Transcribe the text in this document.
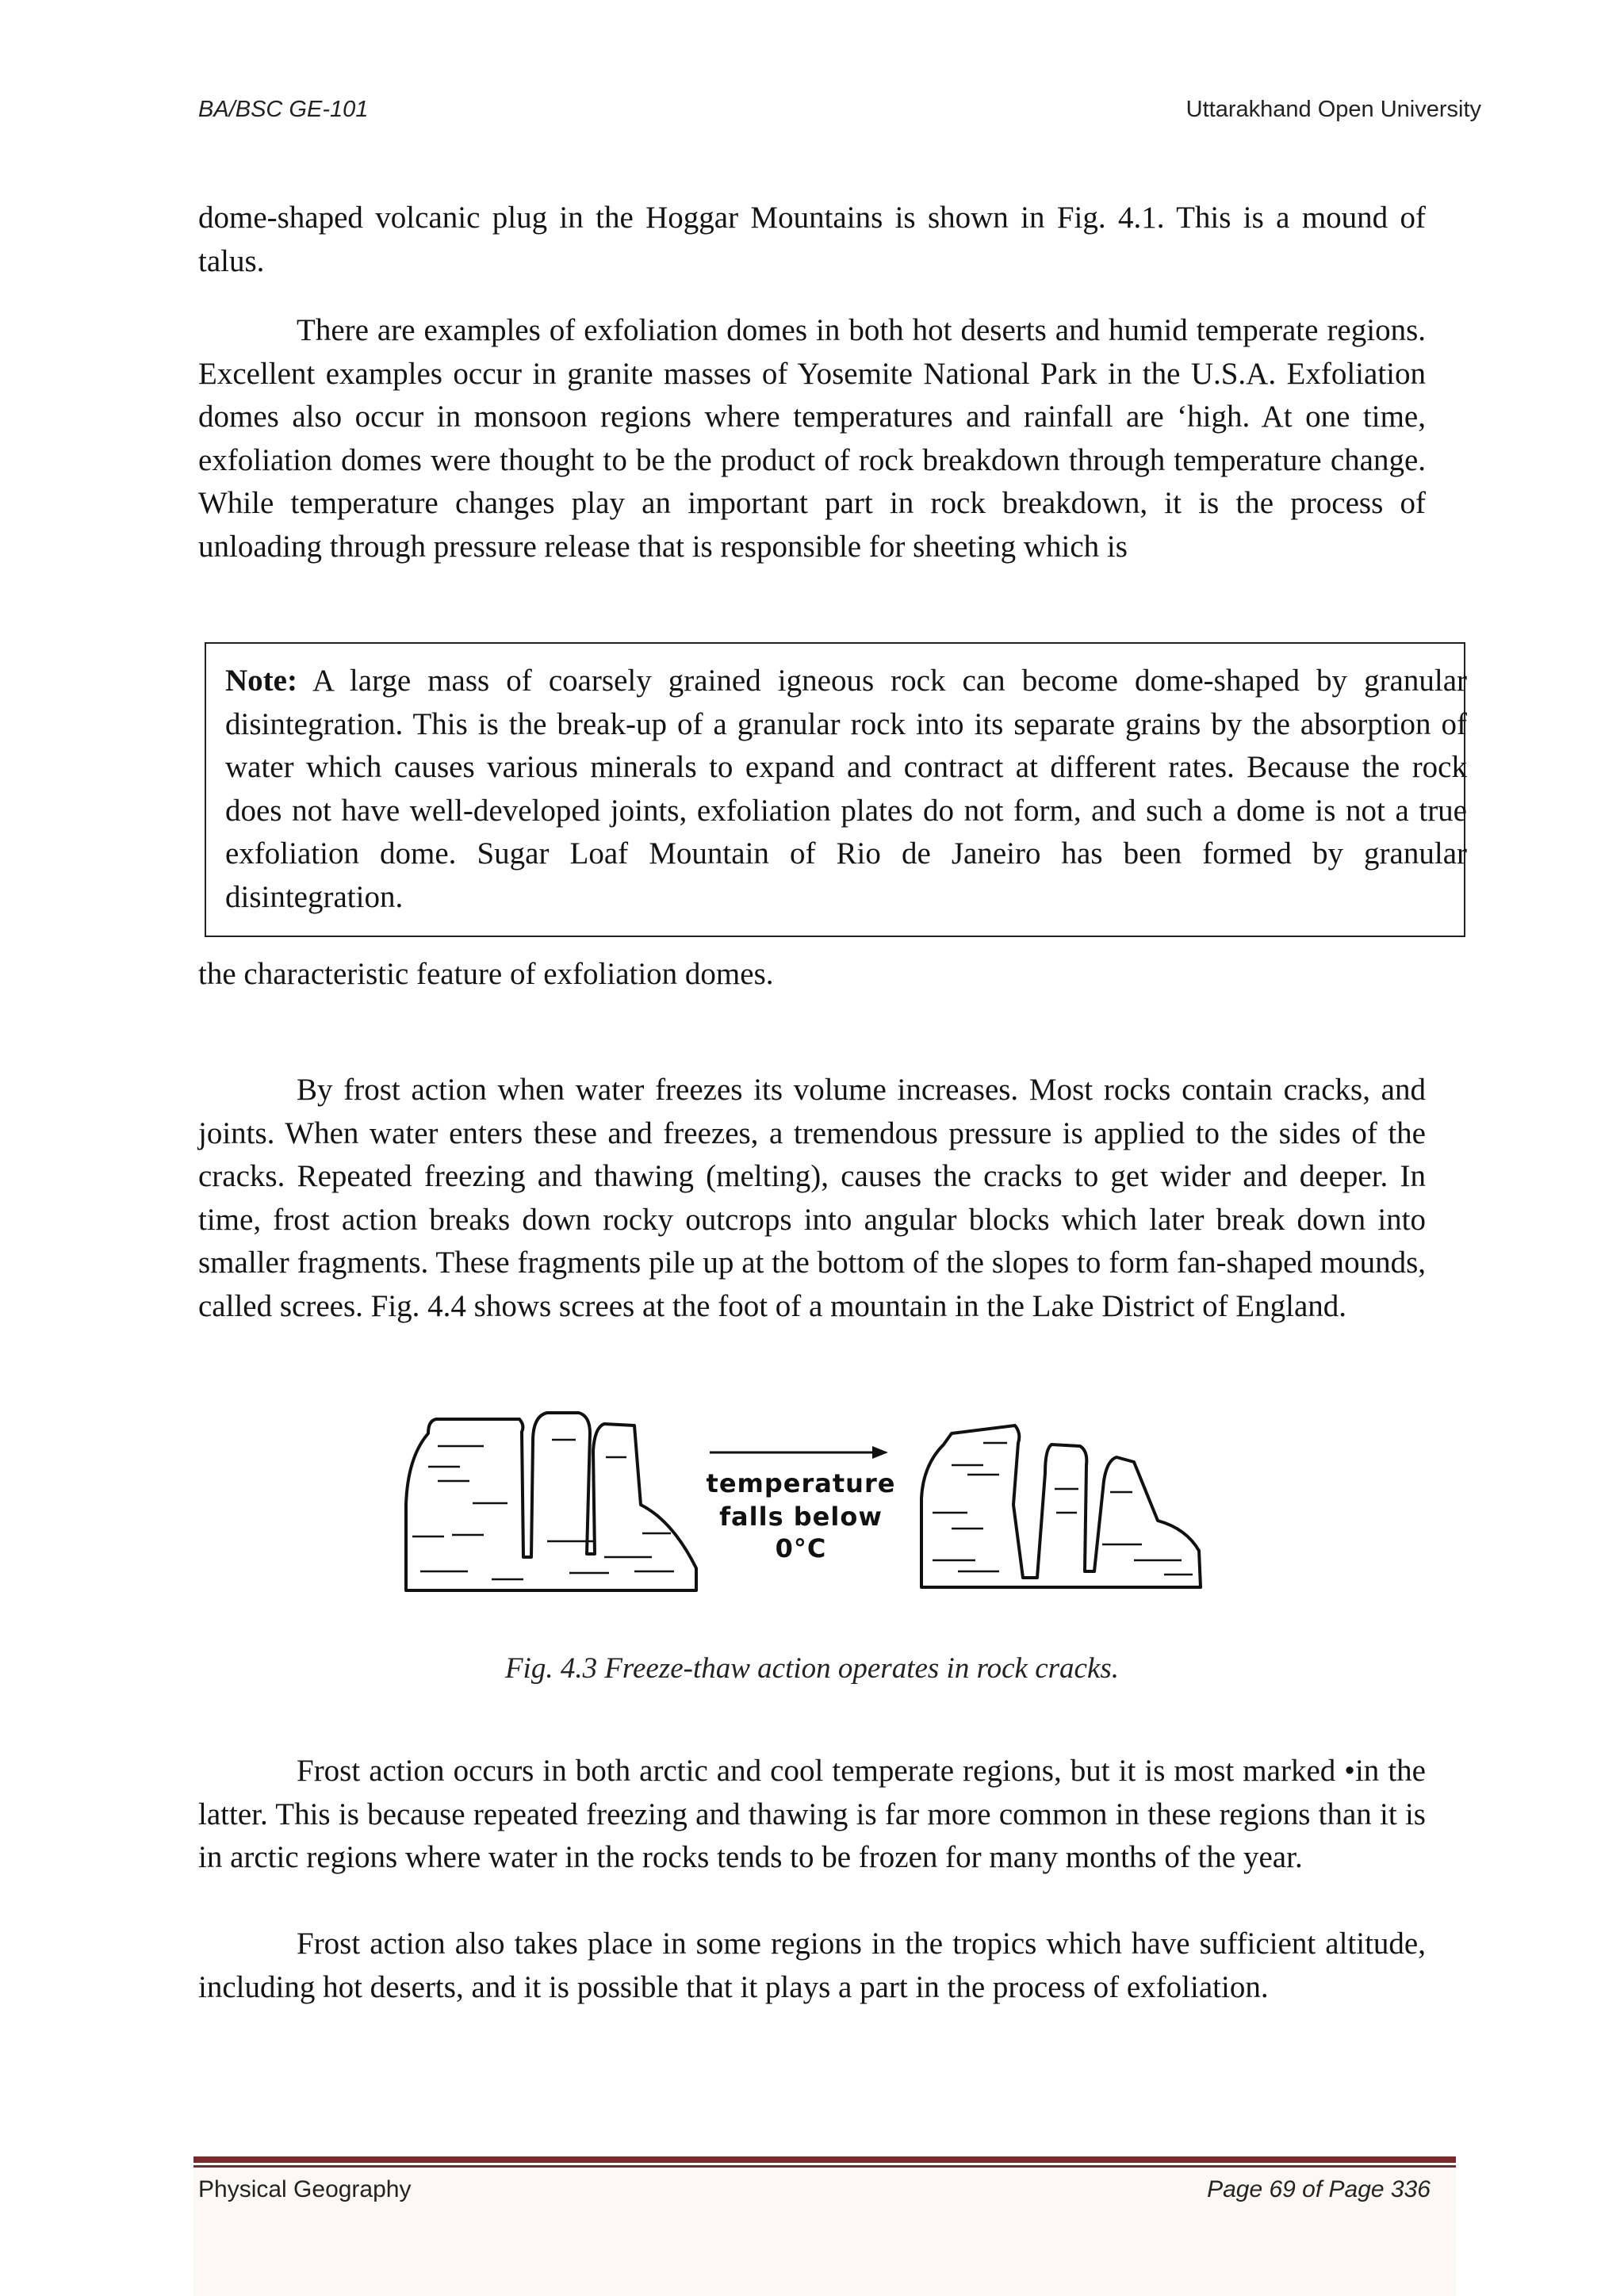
BA/BSC GE-101	Uttarakhand Open University

dome-shaped volcanic plug in the Hoggar Mountains is shown in Fig. 4.1. This is a mound of talus.

There are examples of exfoliation domes in both hot deserts and humid temperate regions. Excellent examples occur in granite masses of Yosemite National Park in the U.S.A. Exfoliation domes also occur in monsoon regions where temperatures and rainfall are ‘high. At one time, exfoliation domes were thought to be the product of rock breakdown through temperature change. While temperature changes play an important part in rock breakdown, it is the process of unloading through pressure release that is responsible for sheeting which is

Note: A large mass of coarsely grained igneous rock can become dome-shaped by granular disintegration. This is the break-up of a granular rock into its separate grains by the absorption of water which causes various minerals to expand and contract at different rates. Because the rock does not have well-developed joints, exfoliation plates do not form, and such a dome is not a true exfoliation dome. Sugar Loaf Mountain of Rio de Janeiro has been formed by granular disintegration.

the characteristic feature of exfoliation domes.

By frost action when water freezes its volume increases. Most rocks contain cracks, and joints. When water enters these and freezes, a tremendous pressure is applied to the sides of the cracks. Repeated freezing and thawing (melting), causes the cracks to get wider and deeper. In time, frost action breaks down rocky outcrops into angular blocks which later break down into smaller fragments. These fragments pile up at the bottom of the slopes to form fan-shaped mounds, called screes. Fig. 4.4 shows screes at the foot of a mountain in the Lake District of England.

temperature
falls below
0°C
Fig. 4.3 Freeze-thaw action operates in rock cracks.

Frost action occurs in both arctic and cool temperate regions, but it is most marked •in the latter. This is because repeated freezing and thawing is far more common in these regions than it is in arctic regions where water in the rocks tends to be frozen for many months of the year.

Frost action also takes place in some regions in the tropics which have sufficient altitude, including hot deserts, and it is possible that it plays a part in the process of exfoliation.

Physical Geography	Page 69 of Page 336
